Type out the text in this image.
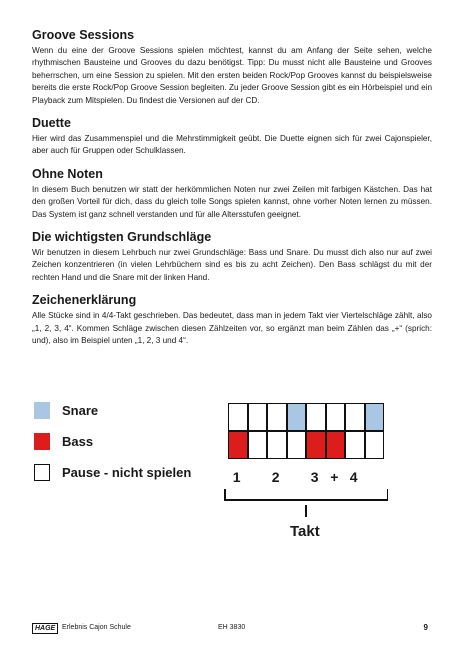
Groove Sessions

Wenn du eine der Groove Sessions spielen möchtest, kannst du am Anfang der Seite sehen, welche rhythmischen Bausteine und Grooves du dazu benötigst. Tipp: Du musst nicht alle Bausteine und Grooves beherrschen, um eine Session zu spielen. Mit den ersten beiden Rock/Pop Grooves kannst du beispielsweise bereits die erste Rock/Pop Groove Session begleiten. Zu jeder Groove Session gibt es ein Hörbeispiel und ein Playback zum Mitspielen. Du findest die Versionen auf der CD.

Duette

Hier wird das Zusammenspiel und die Mehrstimmigkeit geübt. Die Duette eignen sich für zwei Cajonspieler, aber auch für Gruppen oder Schulklassen.

Ohne Noten

In diesem Buch benutzen wir statt der herkömmlichen Noten nur zwei Zeilen mit farbigen Kästchen. Das hat den großen Vorteil für dich, dass du gleich tolle Songs spielen kannst, ohne vorher Noten lernen zu müssen. Das System ist ganz schnell verstanden und für alle Altersstufen geeignet.

Die wichtigsten Grundschläge

Wir benutzen in diesem Lehrbuch nur zwei Grundschläge: Bass und Snare. Du musst dich also nur auf zwei Zeichen konzentrieren (in vielen Lehrbüchern sind es bis zu acht Zeichen). Den Bass schlägst du mit der rechten Hand und die Snare mit der linken Hand.

Zeichenerklärung

Alle Stücke sind in 4/4-Takt geschrieben. Das bedeutet, dass man in jedem Takt vier Viertelschläge zählt, also „1, 2, 3, 4“. Kommen Schläge zwischen diesen Zählzeiten vor, so ergänzt man beim Zählen das „+“ (sprich: und), also im Beispiel unten „1, 2, 3 und 4“.

Snare
Bass
Pause - nicht spielen	1 2 3 + 4
Takt
HAGE Erlebnis Cajon Schule	EH 3830	9
